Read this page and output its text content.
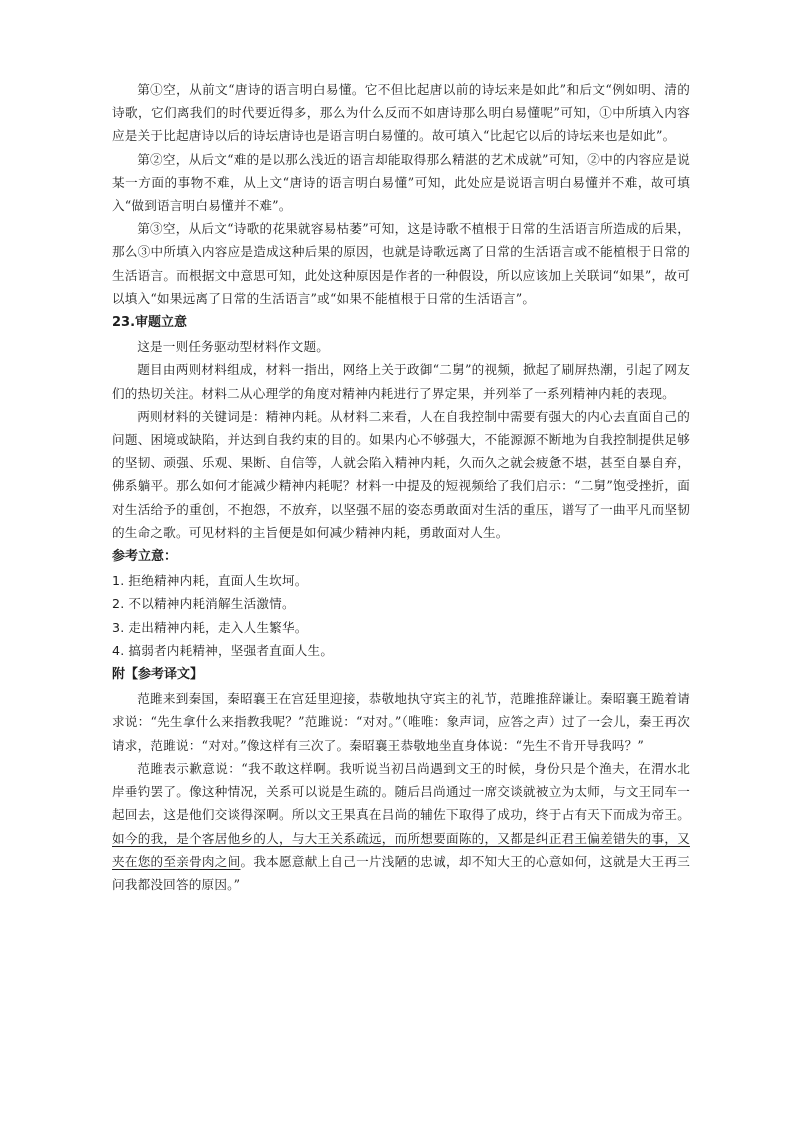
第①空，从前文“唐诗的语言明白易懂。它不但比起唐以前的诗坛来是如此”和后文“例如明、清的诗歌，它们离我们的时代要近得多，那么为什么反而不如唐诗那么明白易懂呢”可知，①中所填入内容应是关于比起唐诗以后的诗坛唐诗也是语言明白易懂的。故可填入“比起它以后的诗坛来也是如此”。

第②空，从后文“难的是以那么浅近的语言却能取得那么精湛的艺术成就”可知，②中的内容应是说某一方面的事物不难，从上文“唐诗的语言明白易懂”可知，此处应是说语言明白易懂并不难，故可填入“做到语言明白易懂并不难”。

第③空，从后文“诗歌的花果就容易枯萎”可知，这是诗歌不植根于日常的生活语言所造成的后果，那么③中所填入内容应是造成这种后果的原因，也就是诗歌远离了日常的生活语言或不能植根于日常的生活语言。而根据文中意思可知，此处这种原因是作者的一种假设，所以应该加上关联词“如果”，故可以填入“如果远离了日常的生活语言”或“如果不能植根于日常的生活语言”。

23.审题立意

这是一则任务驱动型材料作文题。

题目由两则材料组成，材料一指出，网络上关于政御“二舅”的视频，掀起了刷屏热潮，引起了网友们的热切关注。材料二从心理学的角度对精神内耗进行了界定果，并列举了一系列精神内耗的表现。

两则材料的关键词是：精神内耗。从材料二来看，人在自我控制中需要有强大的内心去直面自己的问题、困境或缺陷，并达到自我约束的目的。如果内心不够强大，不能源源不断地为自我控制提供足够的坚韧、顽强、乐观、果断、自信等，人就会陷入精神内耗，久而久之就会疲惫不堪，甚至自暴自弃，佛系躺平。那么如何才能减少精神内耗呢？材料一中提及的短视频给了我们启示：“二舅”饱受挫折，面对生活给予的重创，不抱怨，不放弃，以坚强不屈的姿态勇敢面对生活的重压，谱写了一曲平凡而坚韧的生命之歌。可见材料的主旨便是如何减少精神内耗，勇敢面对人生。

参考立意：
1. 拒绝精神内耗，直面人生坎坷。
2. 不以精神内耗消解生活激情。
3. 走出精神内耗，走入人生繁华。
4. 搞弱者内耗精神，坚强者直面人生。
附【参考译文】

范雎来到秦国，秦昭襄王在宫廷里迎接，恭敬地执守宾主的礼节，范雎推辞谦让。秦昭襄王跪着请求说：“先生拿什么来指教我呢？”范雎说：“对对。”（唯唯：象声词，应答之声）过了一会儿，秦王再次请求，范雎说：“对对。”像这样有三次了。秦昭襄王恭敬地坐直身体说：“先生不肯开导我吗？”

范雎表示歉意说：“我不敢这样啊。我听说当初吕尚遇到文王的时候，身份只是个渔夫，在渭水北岸垂钓罢了。像这种情况，关系可以说是生疏的。随后吕尚通过一席交谈就被立为太师，与文王同车一起回去，这是他们交谈得深啊。所以文王果真在吕尚的辅佐下取得了成功，终于占有天下而成为帝王。如今的我，是个客居他乡的人，与大王关系疏远，而所想要面陈的，又都是纠正君王偏差错失的事，又夹在您的至亲骨肉之间。我本愿意献上自己一片浅陋的忠诚，却不知大王的心意如何，这就是大王再三问我都没回答的原因。”
